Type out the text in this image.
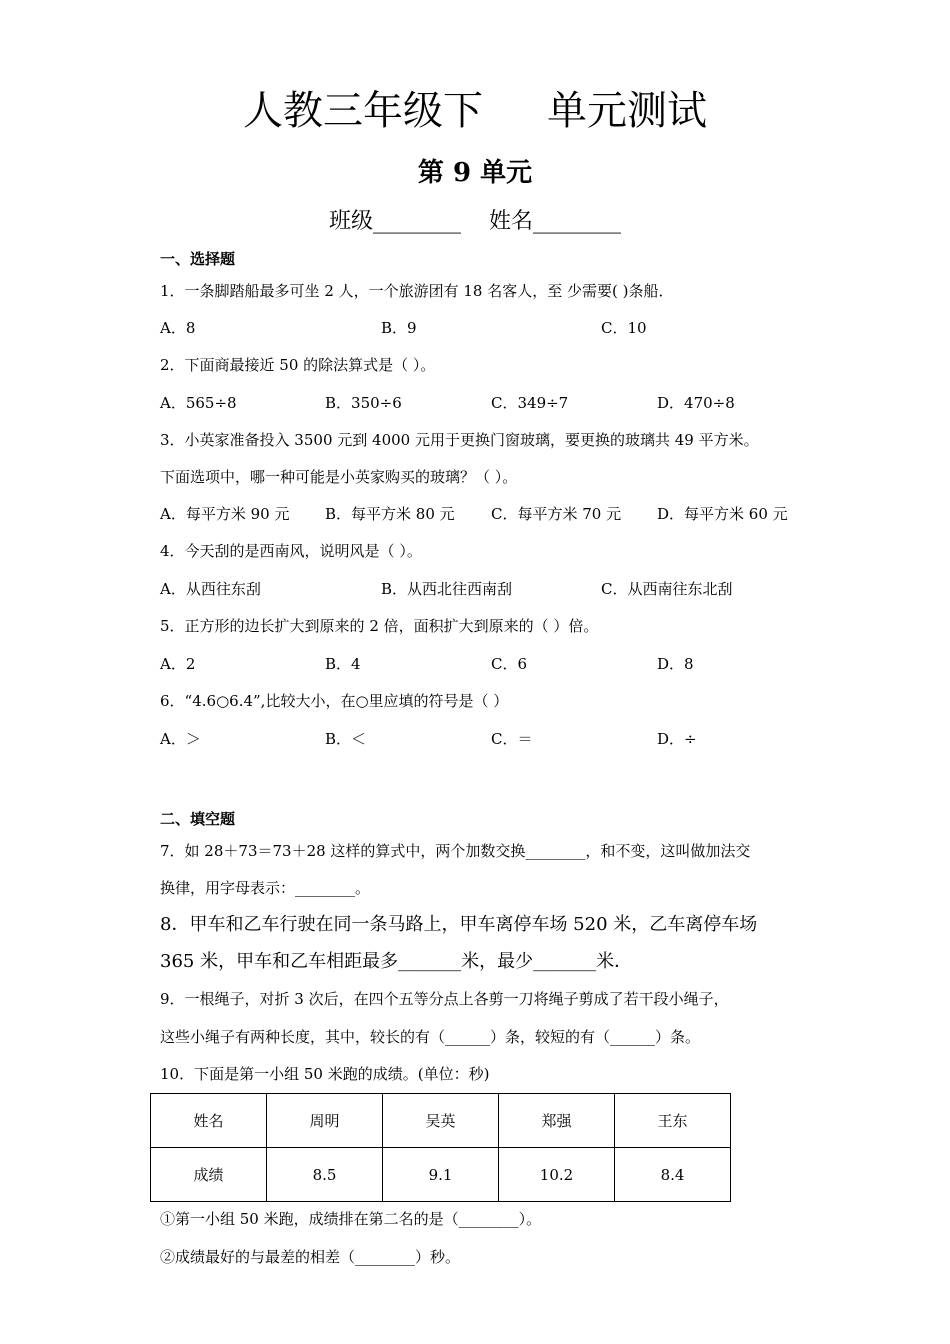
人教三年级下 单元测试
第 9 单元
班级________ 姓名________
一、选择题
1．一条脚踏船最多可坐 2 人，一个旅游团有 18 名客人，至 少需要( )条船．
A．8	B．9	C．10
2．下面商最接近 50 的除法算式是（ ）。
A．565÷8	B．350÷6	C．349÷7	D．470÷8
3．小英家准备投入 3500 元到 4000 元用于更换门窗玻璃，要更换的玻璃共 49 平方米。
下面选项中，哪一种可能是小英家购买的玻璃？（ ）。
A．每平方米 90 元 B．每平方米 80 元 C．每平方米 70 元 D．每平方米 60 元
4．今天刮的是西南风，说明风是（ ）。
A．从西往东刮	B．从西北往西南刮	C．从西南往东北刮
5．正方形的边长扩大到原来的 2 倍，面积扩大到原来的（ ）倍。
A．2	B．4	C．6	D．8
6．“4.6○6.4”,比较大小，在○里应填的符号是（ ）
A．＞	B．＜	C．＝	D．÷
二、填空题
7．如 28＋73＝73＋28 这样的算式中，两个加数交换________，和不变，这叫做加法交
换律，用字母表示：________。
8．甲车和乙车行驶在同一条马路上，甲车离停车场 520 米，乙车离停车场
365 米，甲车和乙车相距最多_______米，最少_______米．
9．一根绳子，对折 3 次后，在四个五等分点上各剪一刀将绳子剪成了若干段小绳子，
这些小绳子有两种长度，其中，较长的有（______）条，较短的有（______）条。
10．下面是第一小组 50 米跑的成绩。(单位：秒)
姓名	周明	吴英	郑强	王东
成绩	8.5	9.1	10.2	8.4
①第一小组 50 米跑，成绩排在第二名的是（________）。
②成绩最好的与最差的相差（________）秒。
